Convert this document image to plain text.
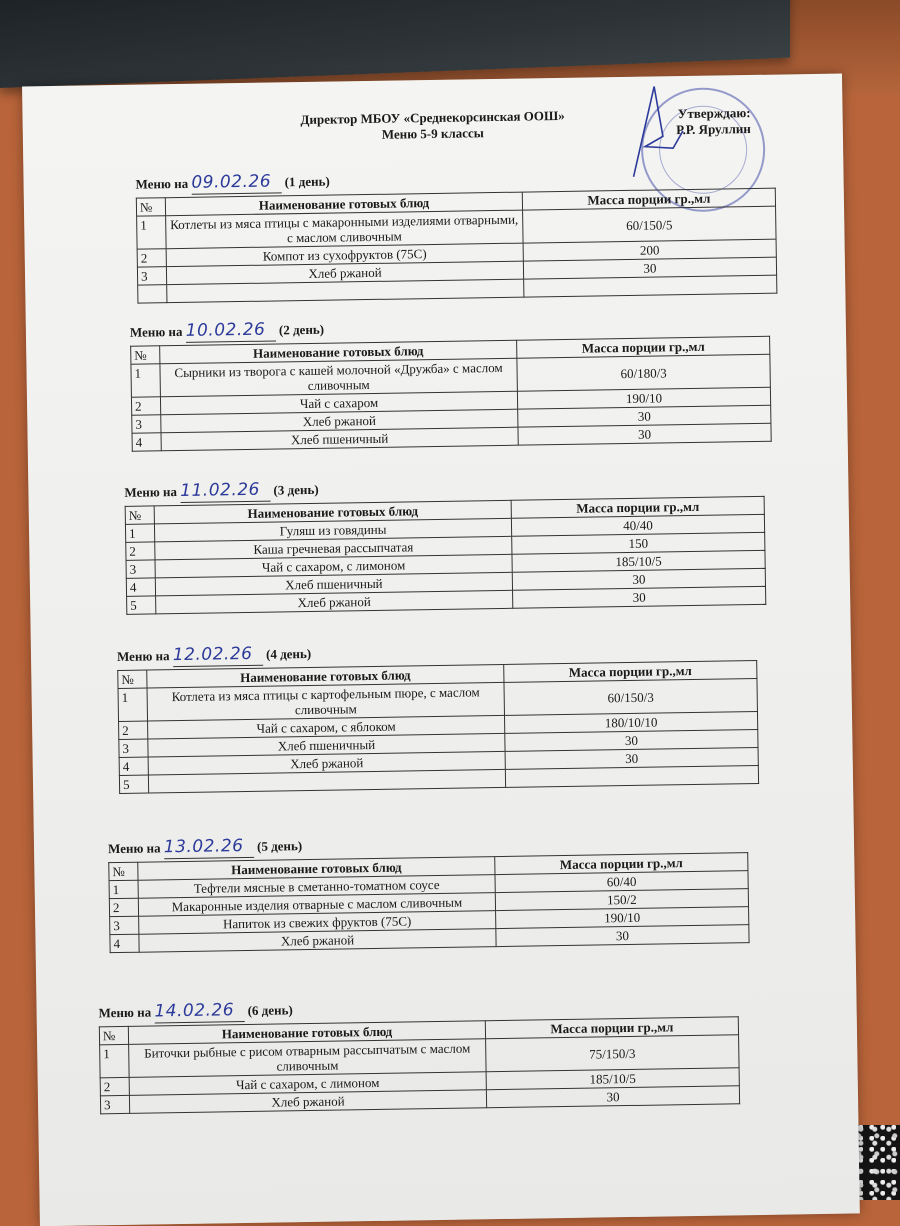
Директор МБОУ «Среднекорсинская ООШ»
Меню 5-9 классы
Утверждаю:
Р.Р. Яруллин
Меню на 09.02.26 (1 день)
№	Наименование готовых блюд	Масса порции гр.,мл
1	Котлеты из мяса птицы с макаронными изделиями отварными, с маслом сливочным	60/150/5
2	Компот из сухофруктов (75С)	200
3	Хлеб ржаной	30

Меню на 10.02.26 (2 день)
№	Наименование готовых блюд	Масса порции гр.,мл
1	Сырники из творога с кашей молочной «Дружба» с маслом сливочным	60/180/3
2	Чай с сахаром	190/10
3	Хлеб ржаной	30
4	Хлеб пшеничный	30
Меню на 11.02.26 (3 день)
№	Наименование готовых блюд	Масса порции гр.,мл
1	Гуляш из говядины	40/40
2	Каша гречневая рассыпчатая	150
3	Чай с сахаром, с лимоном	185/10/5
4	Хлеб пшеничный	30
5	Хлеб ржаной	30
Меню на 12.02.26 (4 день)
№	Наименование готовых блюд	Масса порции гр.,мл
1	Котлета из мяса птицы с картофельным пюре, с маслом сливочным	60/150/3
2	Чай с сахаром, с яблоком	180/10/10
3	Хлеб пшеничный	30
4	Хлеб ржаной	30
5		
Меню на 13.02.26 (5 день)
№	Наименование готовых блюд	Масса порции гр.,мл
1	Тефтели мясные в сметанно-томатном соусе	60/40
2	Макаронные изделия отварные с маслом сливочным	150/2
3	Напиток из свежих фруктов (75С)	190/10
4	Хлеб ржаной	30
Меню на 14.02.26 (6 день)
№	Наименование готовых блюд	Масса порции гр.,мл
1	Биточки рыбные с рисом отварным рассыпчатым с маслом сливочным	75/150/3
2	Чай с сахаром, с лимоном	185/10/5
3	Хлеб ржаной	30
